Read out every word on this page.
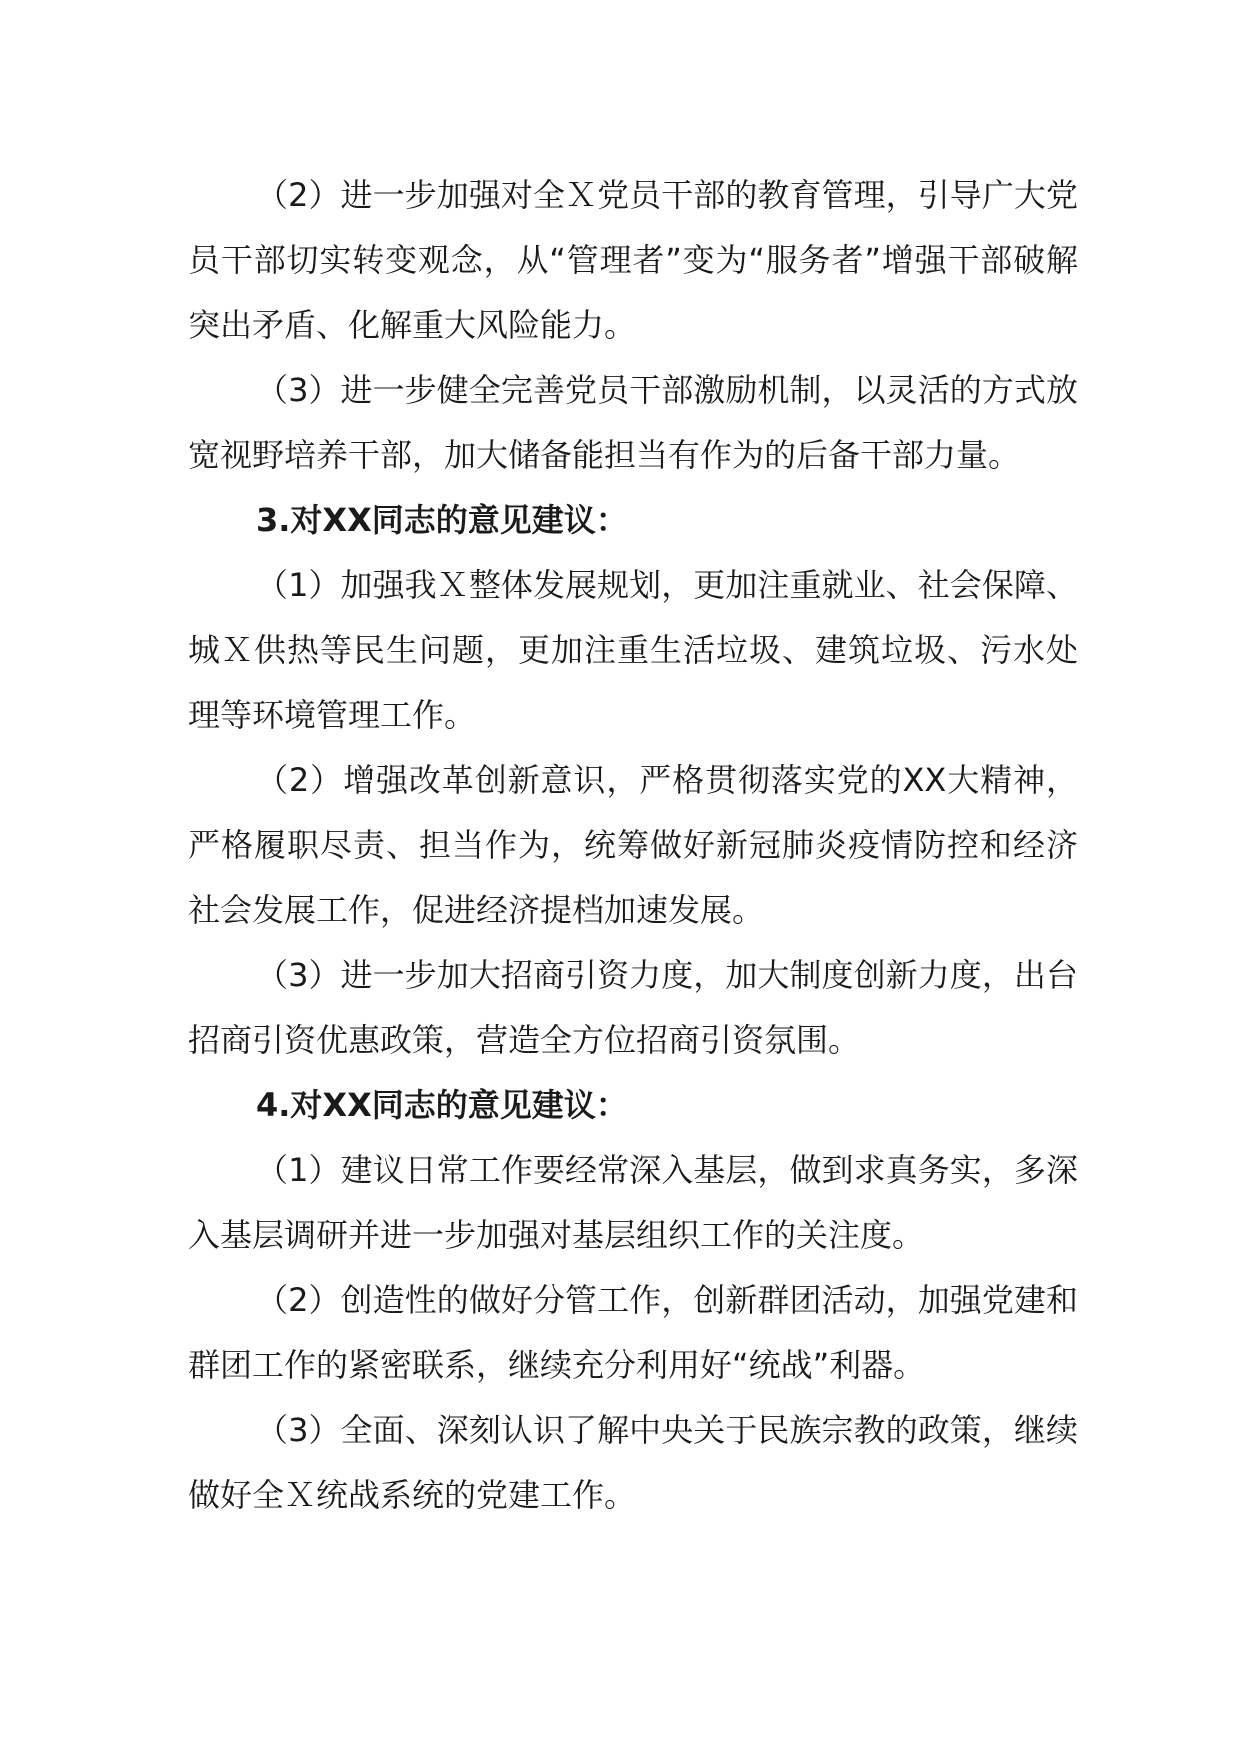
（2）进一步加强对全Ｘ党员干部的教育管理，引导广大党员干部切实转变观念，从“管理者”变为“服务者”增强干部破解突出矛盾、化解重大风险能力。

（3）进一步健全完善党员干部激励机制，以灵活的方式放宽视野培养干部，加大储备能担当有作为的后备干部力量。

3.对XX同志的意见建议：

（1）加强我Ｘ整体发展规划，更加注重就业、社会保障、城Ｘ供热等民生问题，更加注重生活垃圾、建筑垃圾、污水处理等环境管理工作。

（2）增强改革创新意识，严格贯彻落实党的XX大精神，严格履职尽责、担当作为，统筹做好新冠肺炎疫情防控和经济社会发展工作，促进经济提档加速发展。

（3）进一步加大招商引资力度，加大制度创新力度，出台招商引资优惠政策，营造全方位招商引资氛围。

4.对XX同志的意见建议：

（1）建议日常工作要经常深入基层，做到求真务实，多深入基层调研并进一步加强对基层组织工作的关注度。

（2）创造性的做好分管工作，创新群团活动，加强党建和群团工作的紧密联系，继续充分利用好“统战”利器。

（3）全面、深刻认识了解中央关于民族宗教的政策，继续做好全Ｘ统战系统的党建工作。
